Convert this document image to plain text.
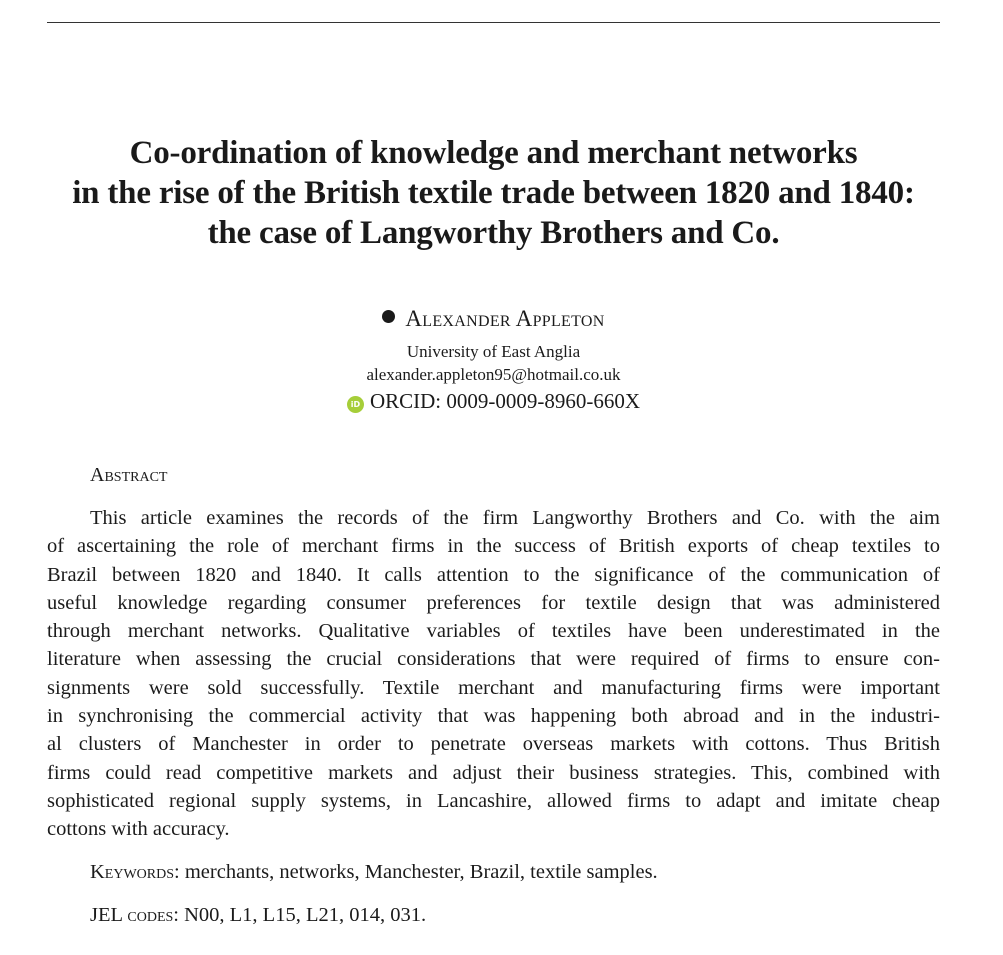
Co-ordination of knowledge and merchant networks
in the rise of the British textile trade between 1820 and 1840:
the case of Langworthy Brothers and Co.
Alexander Appleton
University of East Anglia
alexander.appleton95@hotmail.co.uk
iD ORCID: 0009-0009-8960-660X
Abstract
This article examines the records of the firm Langworthy Brothers and Co. with the aim
of ascertaining the role of merchant firms in the success of British exports of cheap textiles to
Brazil between 1820 and 1840. It calls attention to the significance of the communication of
useful knowledge regarding consumer preferences for textile design that was administered
through merchant networks. Qualitative variables of textiles have been underestimated in the
literature when assessing the crucial considerations that were required of firms to ensure con-
signments were sold successfully. Textile merchant and manufacturing firms were important
in synchronising the commercial activity that was happening both abroad and in the industri-
al clusters of Manchester in order to penetrate overseas markets with cottons. Thus British
firms could read competitive markets and adjust their business strategies. This, combined with
sophisticated regional supply systems, in Lancashire, allowed firms to adapt and imitate cheap
cottons with accuracy.
Keywords: merchants, networks, Manchester, Brazil, textile samples.
JEL codes: N00, L1, L15, L21, 014, 031.
